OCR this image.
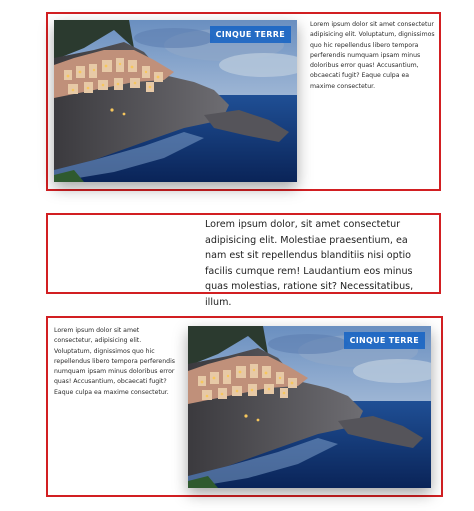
CINQUE TERRE

Lorem ipsum dolor sit amet consectetur adipisicing elit. Voluptatum, dignissimos quo hic repellendus libero tempora perferendis numquam ipsam minus doloribus error quas! Accusantium, obcaecati fugit? Eaque culpa ea maxime consectetur.

Lorem ipsum dolor, sit amet consectetur adipisicing elit. Molestiae praesentium, ea nam est sit repellendus blanditiis nisi optio facilis cumque rem! Laudantium eos minus quas molestias, ratione sit? Necessitatibus, illum.

Lorem ipsum dolor sit amet consectetur, adipisicing elit. Voluptatum, dignissimos quo hic repellendus libero tempora perferendis numquam ipsam minus doloribus error quas! Accusantium, obcaecati fugit? Eaque culpa ea maxime consectetur.

CINQUE TERRE
